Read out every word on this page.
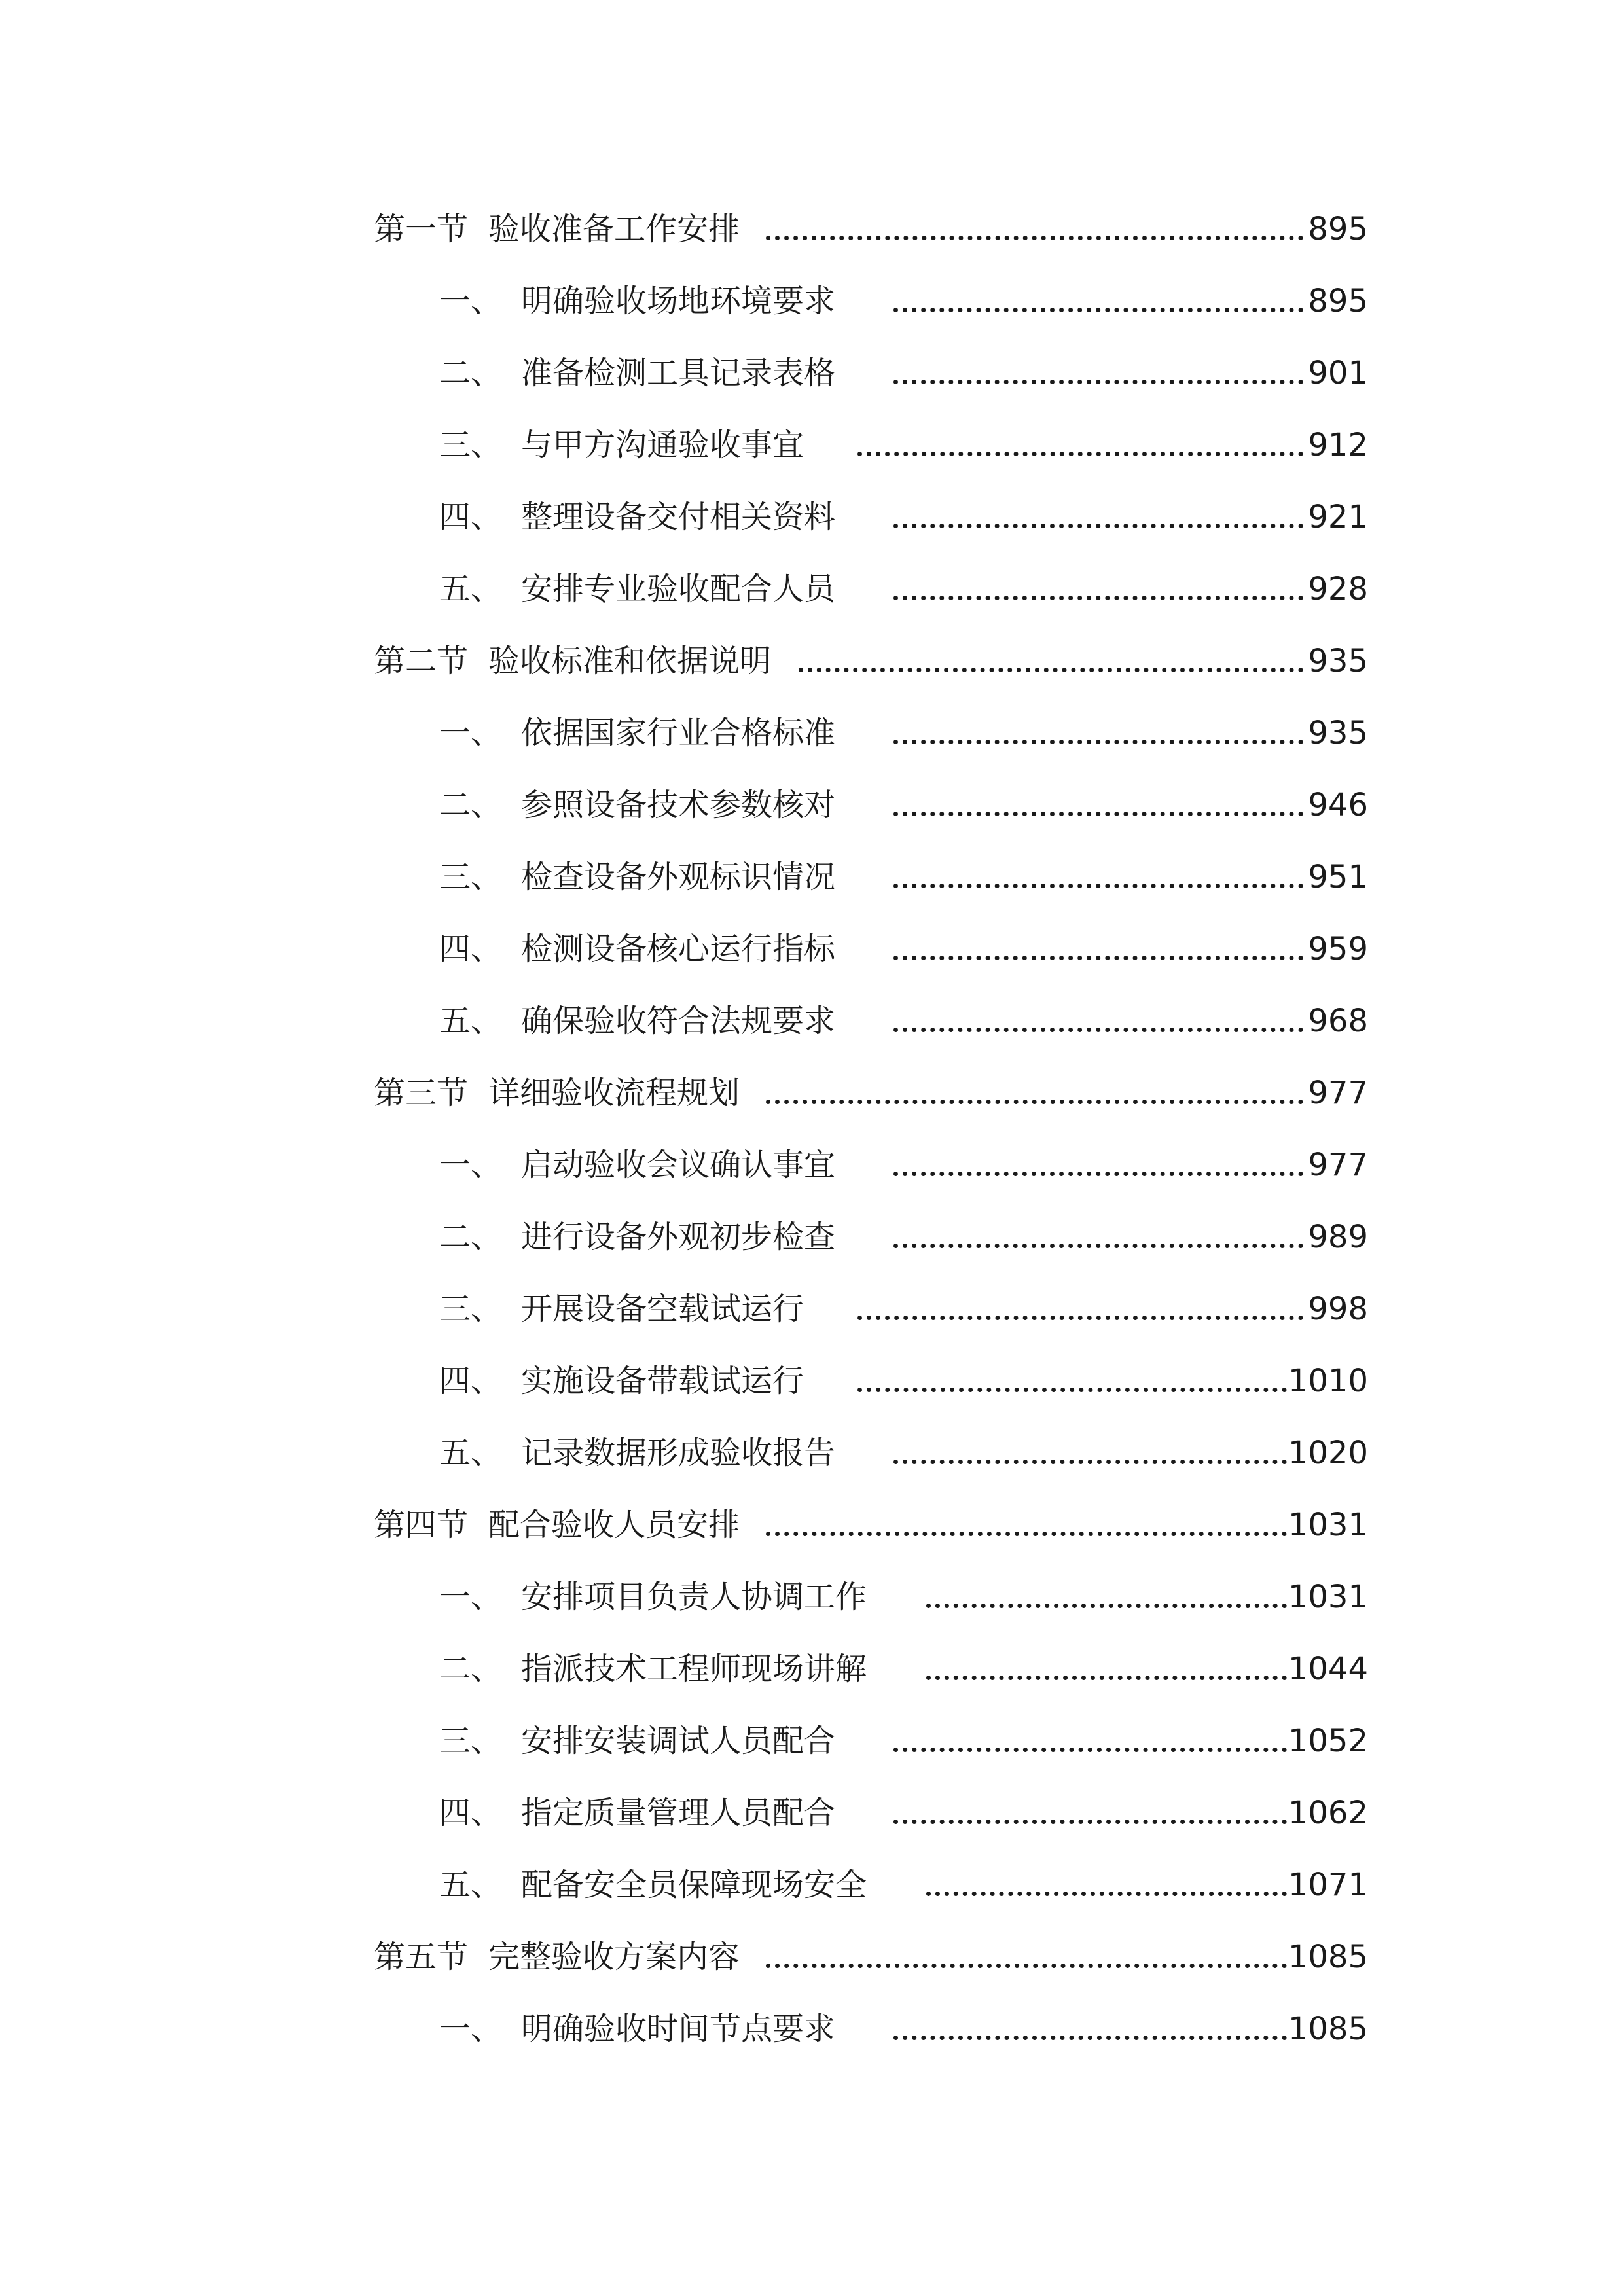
第一节 验收准备工作安排	895
一、 明确验收场地环境要求	895
二、 准备检测工具记录表格	901
三、 与甲方沟通验收事宜	912
四、 整理设备交付相关资料	921
五、 安排专业验收配合人员	928
第二节 验收标准和依据说明	935
一、 依据国家行业合格标准	935
二、 参照设备技术参数核对	946
三、 检查设备外观标识情况	951
四、 检测设备核心运行指标	959
五、 确保验收符合法规要求	968
第三节 详细验收流程规划	977
一、 启动验收会议确认事宜	977
二、 进行设备外观初步检查	989
三、 开展设备空载试运行	998
四、 实施设备带载试运行	1010
五、 记录数据形成验收报告	1020
第四节 配合验收人员安排	1031
一、 安排项目负责人协调工作	1031
二、 指派技术工程师现场讲解	1044
三、 安排安装调试人员配合	1052
四、 指定质量管理人员配合	1062
五、 配备安全员保障现场安全	1071
第五节 完整验收方案内容	1085
一、 明确验收时间节点要求	1085
